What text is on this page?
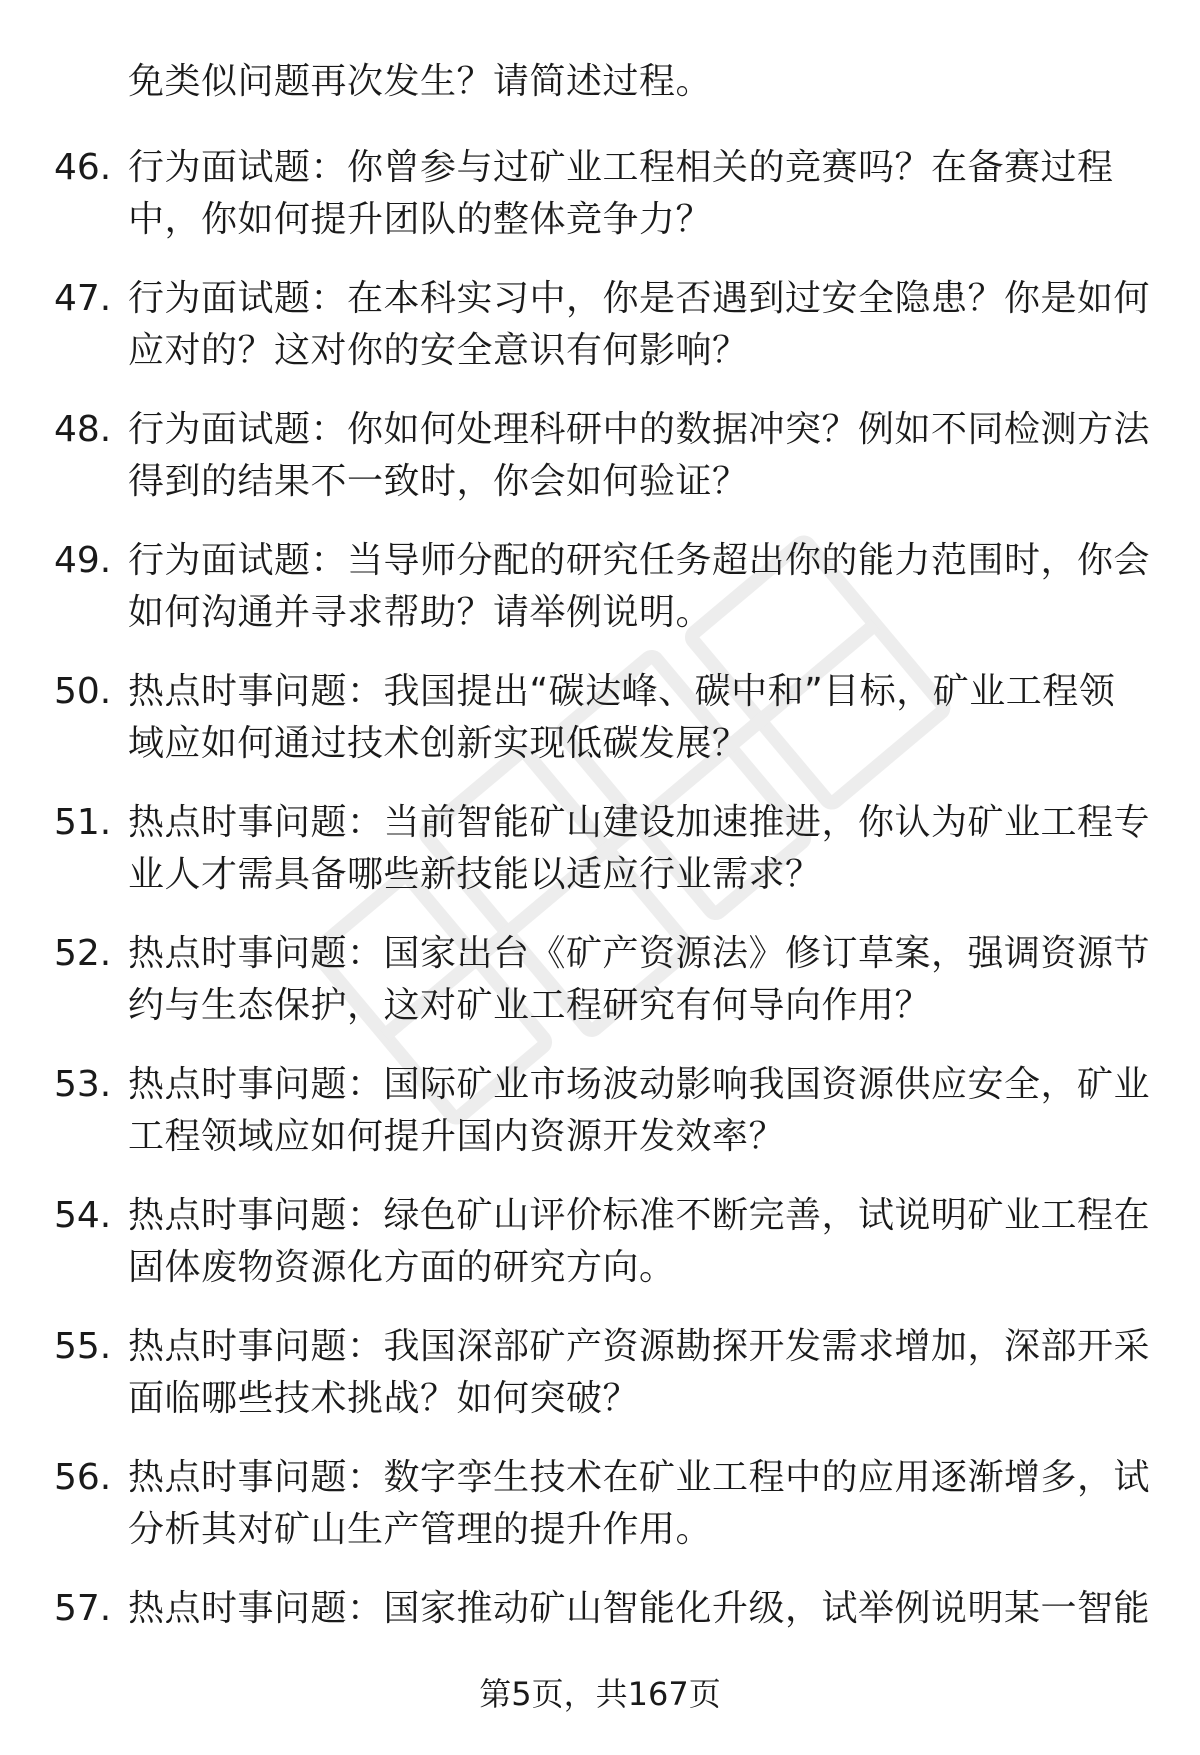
免类似问题再次发生？请简述过程。
46. 行为面试题：你曾参与过矿业工程相关的竞赛吗？在备赛过程
中，你如何提升团队的整体竞争力？
47. 行为面试题：在本科实习中，你是否遇到过安全隐患？你是如何
应对的？这对你的安全意识有何影响？
48. 行为面试题：你如何处理科研中的数据冲突？例如不同检测方法
得到的结果不一致时，你会如何验证？
49. 行为面试题：当导师分配的研究任务超出你的能力范围时，你会
如何沟通并寻求帮助？请举例说明。
50. 热点时事问题：我国提出“碳达峰、碳中和”目标，矿业工程领
域应如何通过技术创新实现低碳发展？
51. 热点时事问题：当前智能矿山建设加速推进，你认为矿业工程专
业人才需具备哪些新技能以适应行业需求？
52. 热点时事问题：国家出台《矿产资源法》修订草案，强调资源节
约与生态保护，这对矿业工程研究有何导向作用？
53. 热点时事问题：国际矿业市场波动影响我国资源供应安全，矿业
工程领域应如何提升国内资源开发效率？
54. 热点时事问题：绿色矿山评价标准不断完善，试说明矿业工程在
固体废物资源化方面的研究方向。
55. 热点时事问题：我国深部矿产资源勘探开发需求增加，深部开采
面临哪些技术挑战？如何突破？
56. 热点时事问题：数字孪生技术在矿业工程中的应用逐渐增多，试
分析其对矿山生产管理的提升作用。
57. 热点时事问题：国家推动矿山智能化升级，试举例说明某一智能
第5页，共167页
